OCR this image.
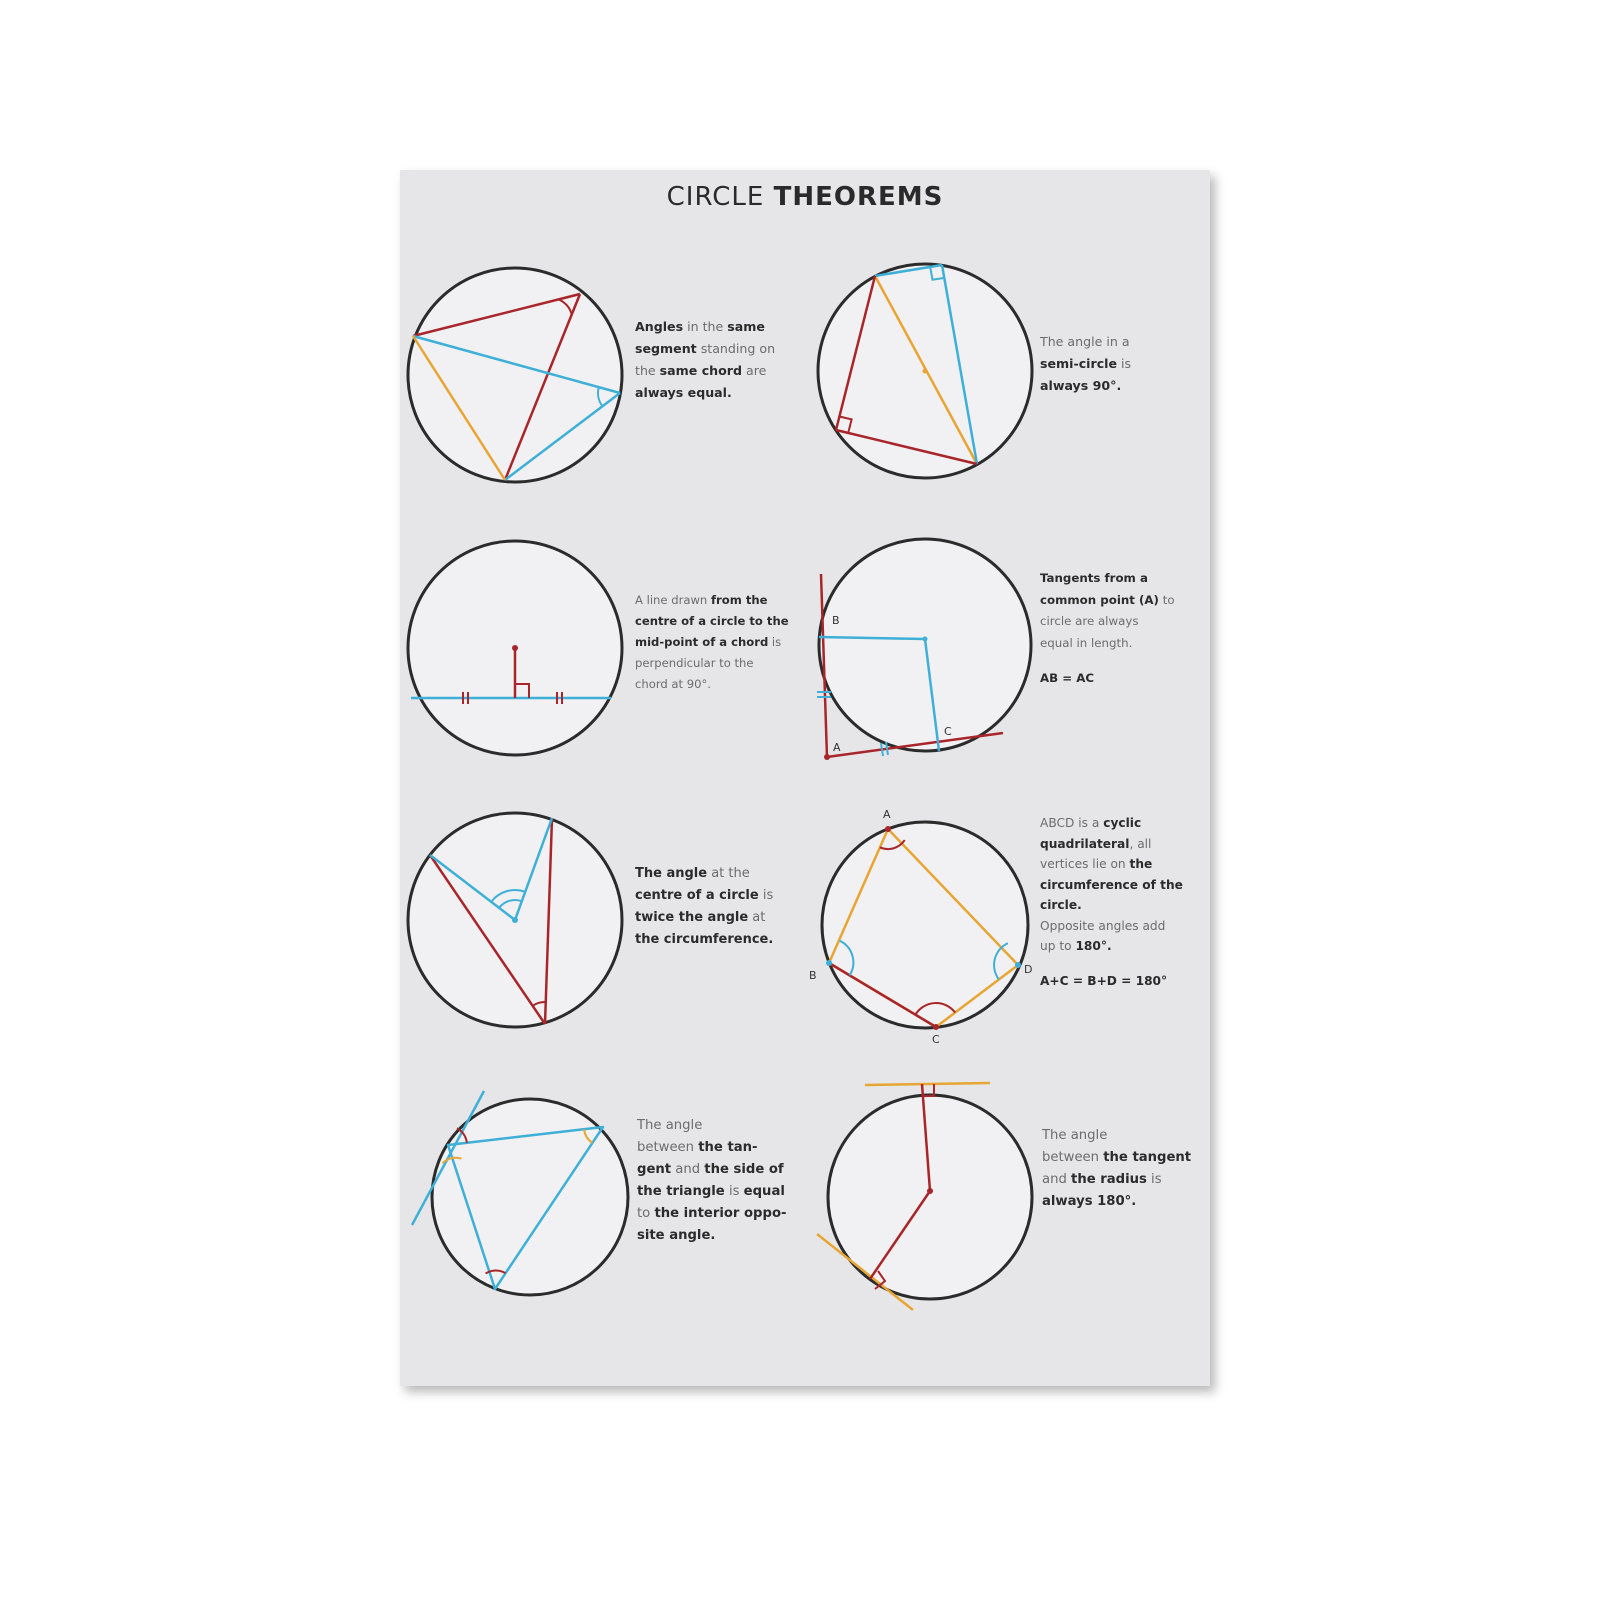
CIRCLE THEOREMS

Angles in the same

segment standing on

the same chord are

always equal.

The angle in a

semi-circle is

always 90°.

A line drawn from the

centre of a circle to the

mid-point of a chord is

perpendicular to the

chord at 90°.

B
A
C

Tangents from a

common point (A) to

circle are always

equal in length.

AB = AC

The angle at the

centre of a circle is

twice the angle at

the circumference.

A
B
C
D

ABCD is a cyclic

quadrilateral, all

vertices lie on the

circumference of the

circle.

Opposite angles add

up to 180°.

A+C = B+D = 180°

The angle

between the tan-

gent and the side of

the triangle is equal

to the interior oppo-

site angle.

The angle

between the tangent

and the radius is

always 180°.
